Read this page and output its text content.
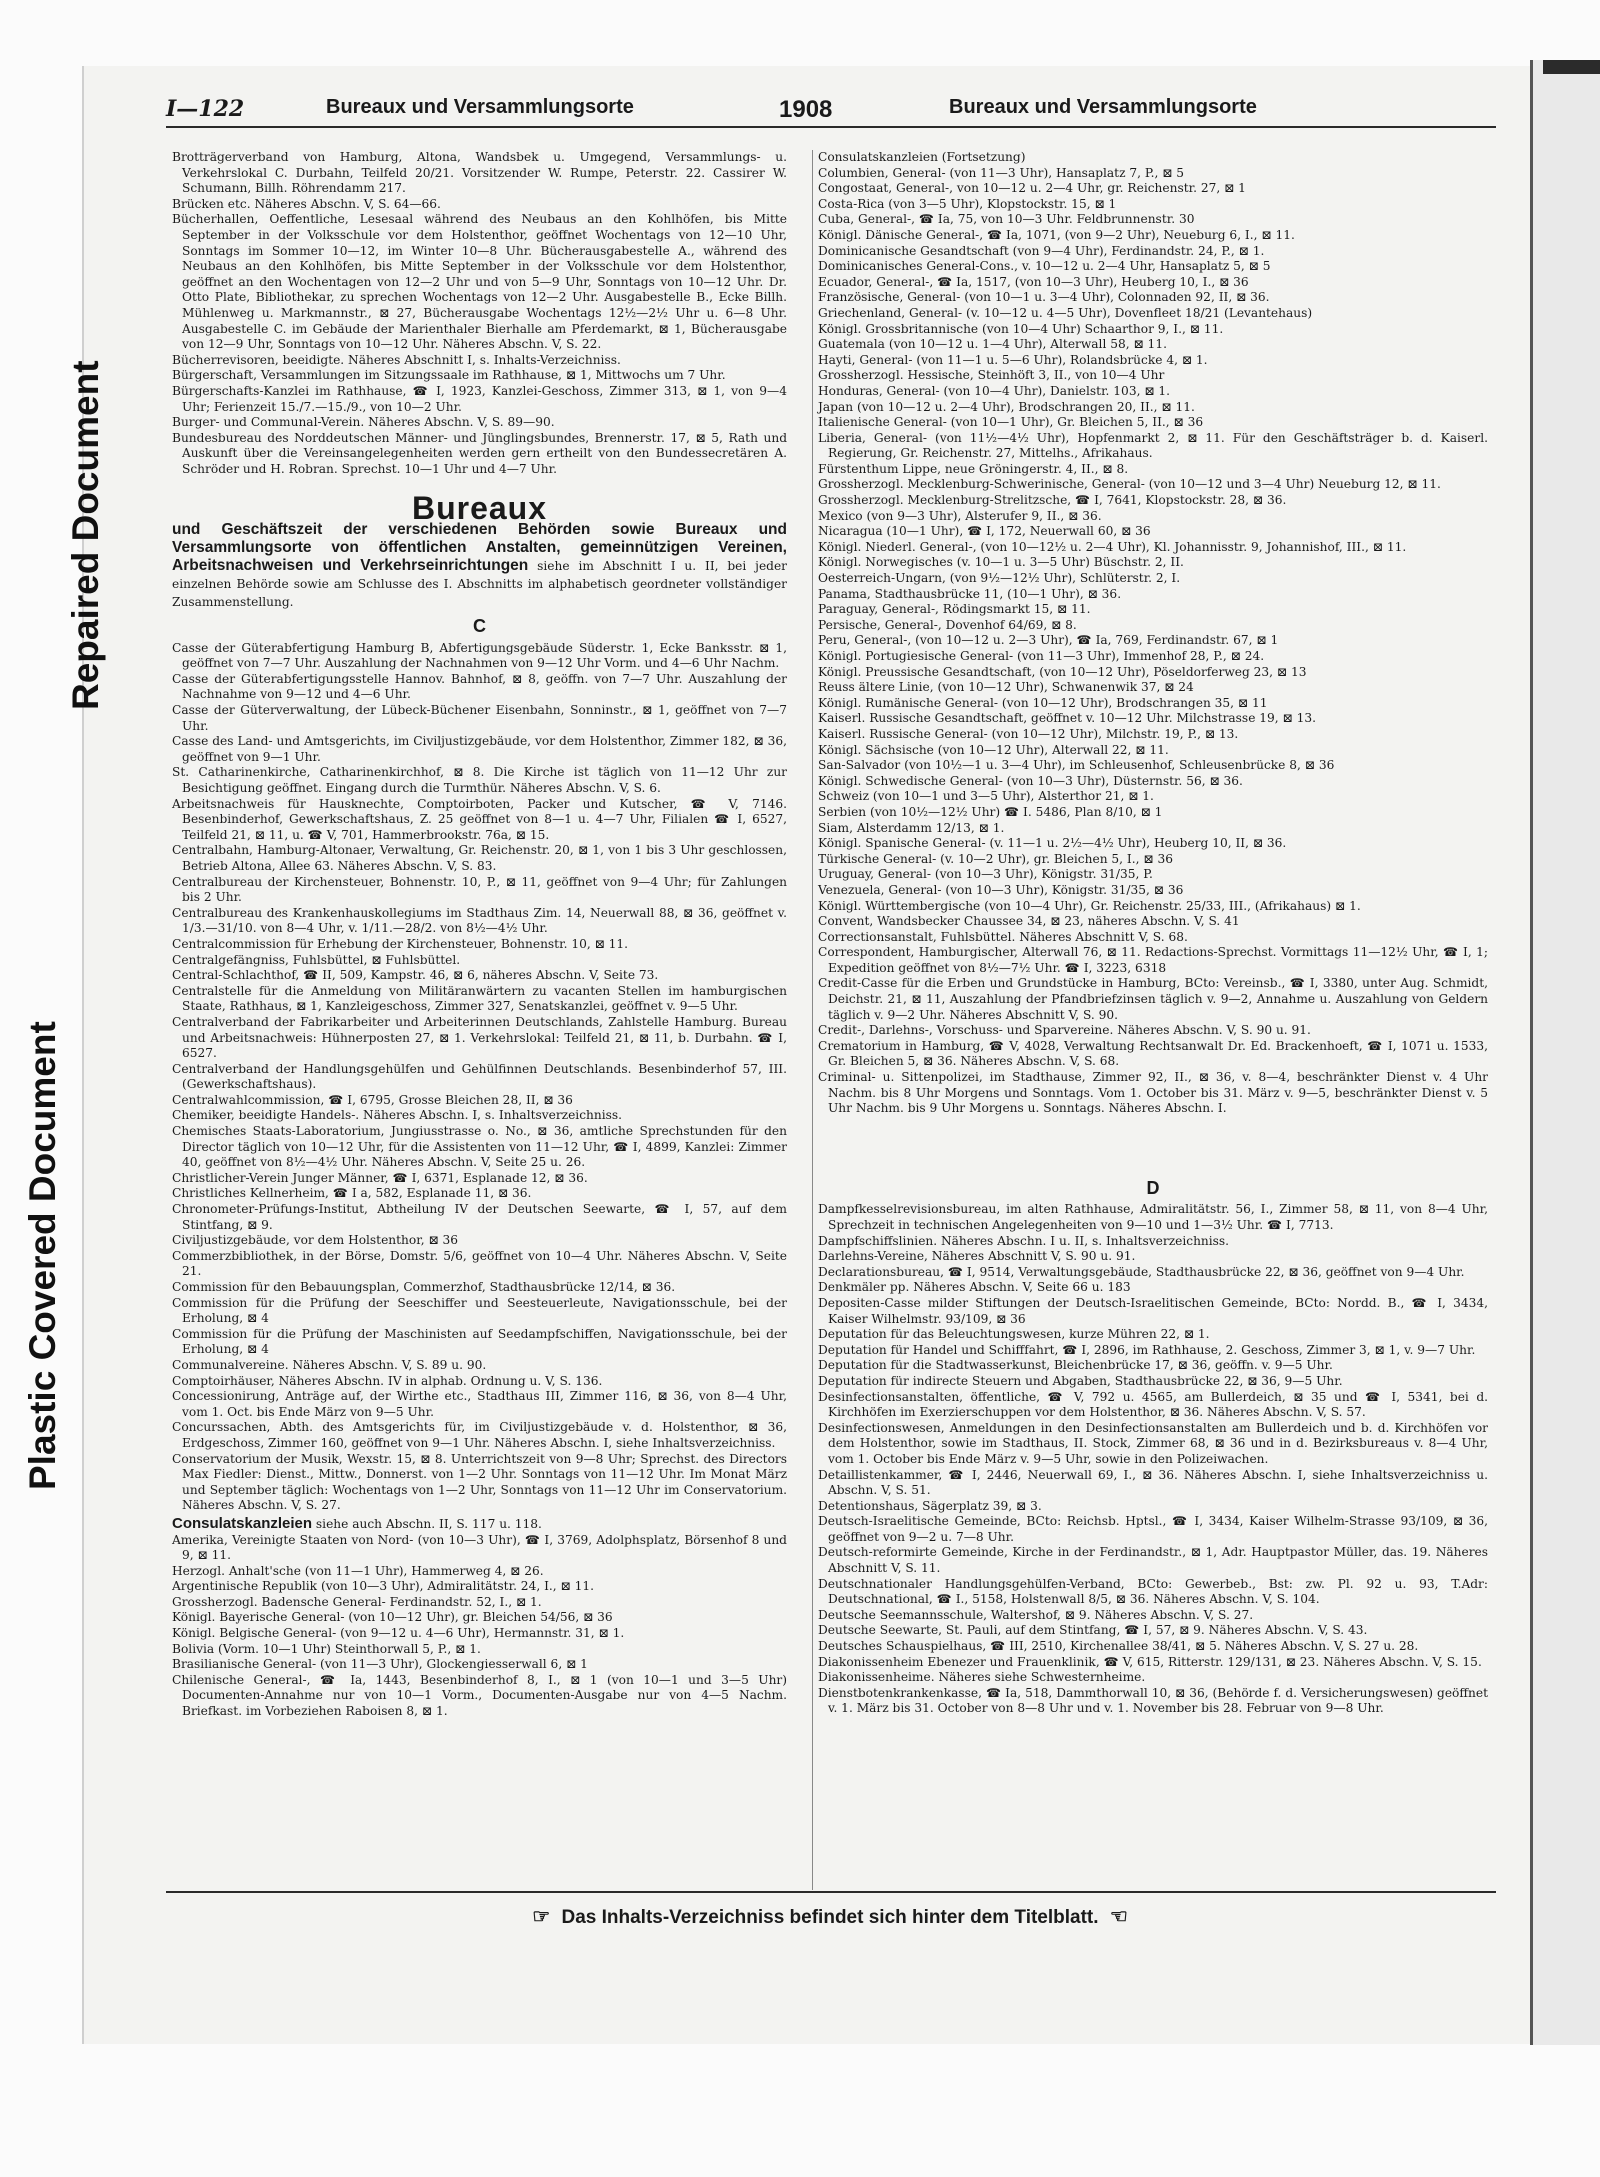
Plastic Covered Document
Repaired Document
I—122	Bureaux und Versammlungsorte	1908	Bureaux und Versammlungsorte

Brotträgerverband von Hamburg, Altona, Wandsbek u. Umgegend, Versammlungs- u. Verkehrslokal C. Durbahn, Teilfeld 20/21. Vorsitzender W. Rumpe, Peterstr. 22. Cassirer W. Schumann, Billh. Röhrendamm 217.

Brücken etc. Näheres Abschn. V, S. 64—66.

Bücherhallen, Oeffentliche, Lesesaal während des Neubaus an den Kohlhöfen, bis Mitte September in der Volksschule vor dem Holstenthor, geöffnet Wochentags von 12—10 Uhr, Sonntags im Sommer 10—12, im Winter 10—8 Uhr. Bücherausgabestelle A., während des Neubaus an den Kohlhöfen, bis Mitte September in der Volksschule vor dem Holstenthor, geöffnet an den Wochentagen von 12—2 Uhr und von 5—9 Uhr, Sonntags von 10—12 Uhr. Dr. Otto Plate, Bibliothekar, zu sprechen Wochentags von 12—2 Uhr. Ausgabestelle B., Ecke Billh. Mühlenweg u. Markmannstr., ⊠ 27, Bücherausgabe Wochentags 12½—2½ Uhr u. 6—8 Uhr. Ausgabestelle C. im Gebäude der Marienthaler Bierhalle am Pferdemarkt, ⊠ 1, Bücherausgabe von 12—9 Uhr, Sonntags von 10—12 Uhr. Näheres Abschn. V, S. 22.

Bücherrevisoren, beeidigte. Näheres Abschnitt I, s. Inhalts-Verzeichniss.

Bürgerschaft, Versammlungen im Sitzungssaale im Rathhause, ⊠ 1, Mittwochs um 7 Uhr.

Bürgerschafts-Kanzlei im Rathhause, ☎ I, 1923, Kanzlei-Geschoss, Zimmer 313, ⊠ 1, von 9—4 Uhr; Ferienzeit 15./7.—15./9., von 10—2 Uhr.

Burger- und Communal-Verein. Näheres Abschn. V, S. 89—90.

Bundesbureau des Norddeutschen Männer- und Jünglingsbundes, Brennerstr. 17, ⊠ 5, Rath und Auskunft über die Vereinsangelegenheiten werden gern ertheilt von den Bundessecretären A. Schröder und H. Robran. Sprechst. 10—1 Uhr und 4—7 Uhr.

Bureaux

und Geschäftszeit der verschiedenen Behörden sowie Bureaux und Versammlungsorte von öffentlichen Anstalten, gemeinnützigen Vereinen, Arbeitsnachweisen und Verkehrseinrichtungen siehe im Abschnitt I u. II, bei jeder einzelnen Behörde sowie am Schlusse des I. Abschnitts im alphabetisch geordneter vollständiger Zusammenstellung.

C

Casse der Güterabfertigung Hamburg B, Abfertigungsgebäude Süderstr. 1, Ecke Banksstr. ⊠ 1, geöffnet von 7—7 Uhr. Auszahlung der Nachnahmen von 9—12 Uhr Vorm. und 4—6 Uhr Nachm.

Casse der Güterabfertigungsstelle Hannov. Bahnhof, ⊠ 8, geöffn. von 7—7 Uhr. Auszahlung der Nachnahme von 9—12 und 4—6 Uhr.

Casse der Güterverwaltung, der Lübeck-Büchener Eisenbahn, Sonninstr., ⊠ 1, geöffnet von 7—7 Uhr.

Casse des Land- und Amtsgerichts, im Civiljustizgebäude, vor dem Holstenthor, Zimmer 182, ⊠ 36, geöffnet von 9—1 Uhr.

St. Catharinenkirche, Catharinenkirchhof, ⊠ 8. Die Kirche ist täglich von 11—12 Uhr zur Besichtigung geöffnet. Eingang durch die Turmthür. Näheres Abschn. V, S. 6.

Arbeitsnachweis für Hausknechte, Comptoirboten, Packer und Kutscher, ☎ V, 7146. Besenbinderhof, Gewerkschaftshaus, Z. 25 geöffnet von 8—1 u. 4—7 Uhr, Filialen ☎ I, 6527, Teilfeld 21, ⊠ 11, u. ☎ V, 701, Hammerbrookstr. 76a, ⊠ 15.

Centralbahn, Hamburg-Altonaer, Verwaltung, Gr. Reichenstr. 20, ⊠ 1, von 1 bis 3 Uhr geschlossen, Betrieb Altona, Allee 63. Näheres Abschn. V, S. 83.

Centralbureau der Kirchensteuer, Bohnenstr. 10, P., ⊠ 11, geöffnet von 9—4 Uhr; für Zahlungen bis 2 Uhr.

Centralbureau des Krankenhauskollegiums im Stadthaus Zim. 14, Neuerwall 88, ⊠ 36, geöffnet v. 1/3.—31/10. von 8—4 Uhr, v. 1/11.—28/2. von 8½—4½ Uhr.

Centralcommission für Erhebung der Kirchensteuer, Bohnenstr. 10, ⊠ 11.

Centralgefängniss, Fuhlsbüttel, ⊠ Fuhlsbüttel.

Central-Schlachthof, ☎ II, 509, Kampstr. 46, ⊠ 6, näheres Abschn. V, Seite 73.

Centralstelle für die Anmeldung von Militäranwärtern zu vacanten Stellen im hamburgischen Staate, Rathhaus, ⊠ 1, Kanzleigeschoss, Zimmer 327, Senatskanzlei, geöffnet v. 9—5 Uhr.

Centralverband der Fabrikarbeiter und Arbeiterinnen Deutschlands, Zahlstelle Hamburg. Bureau und Arbeitsnachweis: Hühnerposten 27, ⊠ 1. Verkehrslokal: Teilfeld 21, ⊠ 11, b. Durbahn. ☎ I, 6527.

Centralverband der Handlungsgehülfen und Gehülfinnen Deutschlands. Besenbinderhof 57, III. (Gewerkschaftshaus).

Centralwahlcommission, ☎ I, 6795, Grosse Bleichen 28, II, ⊠ 36

Chemiker, beeidigte Handels-. Näheres Abschn. I, s. Inhaltsverzeichniss.

Chemisches Staats-Laboratorium, Jungiusstrasse o. No., ⊠ 36, amtliche Sprechstunden für den Director täglich von 10—12 Uhr, für die Assistenten von 11—12 Uhr, ☎ I, 4899, Kanzlei: Zimmer 40, geöffnet von 8½—4½ Uhr. Näheres Abschn. V, Seite 25 u. 26.

Christlicher-Verein Junger Männer, ☎ I, 6371, Esplanade 12, ⊠ 36.

Christliches Kellnerheim, ☎ I a, 582, Esplanade 11, ⊠ 36.

Chronometer-Prüfungs-Institut, Abtheilung IV der Deutschen Seewarte, ☎ I, 57, auf dem Stintfang, ⊠ 9.

Civiljustizgebäude, vor dem Holstenthor, ⊠ 36

Commerzbibliothek, in der Börse, Domstr. 5/6, geöffnet von 10—4 Uhr. Näheres Abschn. V, Seite 21.

Commission für den Bebauungsplan, Commerzhof, Stadthausbrücke 12/14, ⊠ 36.

Commission für die Prüfung der Seeschiffer und Seesteuerleute, Navigationsschule, bei der Erholung, ⊠ 4

Commission für die Prüfung der Maschinisten auf Seedampfschiffen, Navigationsschule, bei der Erholung, ⊠ 4

Communalvereine. Näheres Abschn. V, S. 89 u. 90.

Comptoirhäuser, Näheres Abschn. IV in alphab. Ordnung u. V, S. 136.

Concessionirung, Anträge auf, der Wirthe etc., Stadthaus III, Zimmer 116, ⊠ 36, von 8—4 Uhr, vom 1. Oct. bis Ende März von 9—5 Uhr.

Concurssachen, Abth. des Amtsgerichts für, im Civiljustizgebäude v. d. Holstenthor, ⊠ 36, Erdgeschoss, Zimmer 160, geöffnet von 9—1 Uhr. Näheres Abschn. I, siehe Inhaltsverzeichniss.

Conservatorium der Musik, Wexstr. 15, ⊠ 8. Unterrichtszeit von 9—8 Uhr; Sprechst. des Directors Max Fiedler: Dienst., Mittw., Donnerst. von 1—2 Uhr. Sonntags von 11—12 Uhr. Im Monat März und September täglich: Wochentags von 1—2 Uhr, Sonntags von 11—12 Uhr im Conservatorium. Näheres Abschn. V, S. 27.

Consulatskanzleien siehe auch Abschn. II, S. 117 u. 118.

Amerika, Vereinigte Staaten von Nord- (von 10—3 Uhr), ☎ I, 3769, Adolphsplatz, Börsenhof 8 und 9, ⊠ 11.

Herzogl. Anhalt'sche (von 11—1 Uhr), Hammerweg 4, ⊠ 26.

Argentinische Republik (von 10—3 Uhr), Admiralitätstr. 24, I., ⊠ 11.

Grossherzogl. Badensche General- Ferdinandstr. 52, I., ⊠ 1.

Königl. Bayerische General- (von 10—12 Uhr), gr. Bleichen 54/56, ⊠ 36

Königl. Belgische General- (von 9—12 u. 4—6 Uhr), Hermannstr. 31, ⊠ 1.

Bolivia (Vorm. 10—1 Uhr) Steinthorwall 5, P., ⊠ 1.

Brasilianische General- (von 11—3 Uhr), Glockengiesserwall 6, ⊠ 1

Chilenische General-, ☎ Ia, 1443, Besenbinderhof 8, I., ⊠ 1 (von 10—1 und 3—5 Uhr) Documenten-Annahme nur von 10—1 Vorm., Documenten-Ausgabe nur von 4—5 Nachm. Briefkast. im Vorbeziehen Raboisen 8, ⊠ 1.

Consulatskanzleien (Fortsetzung)

Columbien, General- (von 11—3 Uhr), Hansaplatz 7, P., ⊠ 5

Congostaat, General-, von 10—12 u. 2—4 Uhr, gr. Reichenstr. 27, ⊠ 1

Costa-Rica (von 3—5 Uhr), Klopstockstr. 15, ⊠ 1

Cuba, General-, ☎ Ia, 75, von 10—3 Uhr. Feldbrunnenstr. 30

Königl. Dänische General-, ☎ Ia, 1071, (von 9—2 Uhr), Neueburg 6, I., ⊠ 11.

Dominicanische Gesandtschaft (von 9—4 Uhr), Ferdinandstr. 24, P., ⊠ 1.

Dominicanisches General-Cons., v. 10—12 u. 2—4 Uhr, Hansaplatz 5, ⊠ 5

Ecuador, General-, ☎ Ia, 1517, (von 10—3 Uhr), Heuberg 10, I., ⊠ 36

Französische, General- (von 10—1 u. 3—4 Uhr), Colonnaden 92, II, ⊠ 36.

Griechenland, General- (v. 10—12 u. 4—5 Uhr), Dovenfleet 18/21 (Levantehaus)

Königl. Grossbritannische (von 10—4 Uhr) Schaarthor 9, I., ⊠ 11.

Guatemala (von 10—12 u. 1—4 Uhr), Alterwall 58, ⊠ 11.

Hayti, General- (von 11—1 u. 5—6 Uhr), Rolandsbrücke 4, ⊠ 1.

Grossherzogl. Hessische, Steinhöft 3, II., von 10—4 Uhr

Honduras, General- (von 10—4 Uhr), Danielstr. 103, ⊠ 1.

Japan (von 10—12 u. 2—4 Uhr), Brodschrangen 20, II., ⊠ 11.

Italienische General- (von 10—1 Uhr), Gr. Bleichen 5, II., ⊠ 36

Liberia, General- (von 11½—4½ Uhr), Hopfenmarkt 2, ⊠ 11. Für den Geschäftsträger b. d. Kaiserl. Regierung, Gr. Reichenstr. 27, Mittelhs., Afrikahaus.

Fürstenthum Lippe, neue Gröningerstr. 4, II., ⊠ 8.

Grossherzogl. Mecklenburg-Schwerinische, General- (von 10—12 und 3—4 Uhr) Neueburg 12, ⊠ 11.

Grossherzogl. Mecklenburg-Strelitzsche, ☎ I, 7641, Klopstockstr. 28, ⊠ 36.

Mexico (von 9—3 Uhr), Alsterufer 9, II., ⊠ 36.

Nicaragua (10—1 Uhr), ☎ I, 172, Neuerwall 60, ⊠ 36

Königl. Niederl. General-, (von 10—12½ u. 2—4 Uhr), Kl. Johannisstr. 9, Johannishof, III., ⊠ 11.

Königl. Norwegisches (v. 10—1 u. 3—5 Uhr) Büschstr. 2, II.

Oesterreich-Ungarn, (von 9½—12½ Uhr), Schlüterstr. 2, I.

Panama, Stadthausbrücke 11, (10—1 Uhr), ⊠ 36.

Paraguay, General-, Rödingsmarkt 15, ⊠ 11.

Persische, General-, Dovenhof 64/69, ⊠ 8.

Peru, General-, (von 10—12 u. 2—3 Uhr), ☎ Ia, 769, Ferdinandstr. 67, ⊠ 1

Königl. Portugiesische General- (von 11—3 Uhr), Immenhof 28, P., ⊠ 24.

Königl. Preussische Gesandtschaft, (von 10—12 Uhr), Pöseldorferweg 23, ⊠ 13

Reuss ältere Linie, (von 10—12 Uhr), Schwanenwik 37, ⊠ 24

Königl. Rumänische General- (von 10—12 Uhr), Brodschrangen 35, ⊠ 11

Kaiserl. Russische Gesandtschaft, geöffnet v. 10—12 Uhr. Milchstrasse 19, ⊠ 13.

Kaiserl. Russische General- (von 10—12 Uhr), Milchstr. 19, P., ⊠ 13.

Königl. Sächsische (von 10—12 Uhr), Alterwall 22, ⊠ 11.

San-Salvador (von 10½—1 u. 3—4 Uhr), im Schleusenhof, Schleusenbrücke 8, ⊠ 36

Königl. Schwedische General- (von 10—3 Uhr), Düsternstr. 56, ⊠ 36.

Schweiz (von 10—1 und 3—5 Uhr), Alsterthor 21, ⊠ 1.

Serbien (von 10½—12½ Uhr) ☎ I. 5486, Plan 8/10, ⊠ 1

Siam, Alsterdamm 12/13, ⊠ 1.

Königl. Spanische General- (v. 11—1 u. 2½—4½ Uhr), Heuberg 10, II, ⊠ 36.

Türkische General- (v. 10—2 Uhr), gr. Bleichen 5, I., ⊠ 36

Uruguay, General- (von 10—3 Uhr), Königstr. 31/35, P.

Venezuela, General- (von 10—3 Uhr), Königstr. 31/35, ⊠ 36

Königl. Württembergische (von 10—4 Uhr), Gr. Reichenstr. 25/33, III., (Afrikahaus) ⊠ 1.

Convent, Wandsbecker Chaussee 34, ⊠ 23, näheres Abschn. V, S. 41

Correctionsanstalt, Fuhlsbüttel. Näheres Abschnitt V, S. 68.

Correspondent, Hamburgischer, Alterwall 76, ⊠ 11. Redactions-Sprechst. Vormittags 11—12½ Uhr, ☎ I, 1; Expedition geöffnet von 8½—7½ Uhr. ☎ I, 3223, 6318

Credit-Casse für die Erben und Grundstücke in Hamburg, BCto: Vereinsb., ☎ I, 3380, unter Aug. Schmidt, Deichstr. 21, ⊠ 11, Auszahlung der Pfandbriefzinsen täglich v. 9—2, Annahme u. Auszahlung von Geldern täglich v. 9—2 Uhr. Näheres Abschnitt V, S. 90.

Credit-, Darlehns-, Vorschuss- und Sparvereine. Näheres Abschn. V, S. 90 u. 91.

Crematorium in Hamburg, ☎ V, 4028, Verwaltung Rechtsanwalt Dr. Ed. Brackenhoeft, ☎ I, 1071 u. 1533, Gr. Bleichen 5, ⊠ 36. Näheres Abschn. V, S. 68.

Criminal- u. Sittenpolizei, im Stadthause, Zimmer 92, II., ⊠ 36, v. 8—4, beschränkter Dienst v. 4 Uhr Nachm. bis 8 Uhr Morgens und Sonntags. Vom 1. October bis 31. März v. 9—5, beschränkter Dienst v. 5 Uhr Nachm. bis 9 Uhr Morgens u. Sonntags. Näheres Abschn. I.

D

Dampfkesselrevisionsbureau, im alten Rathhause, Admiralitätstr. 56, I., Zimmer 58, ⊠ 11, von 8—4 Uhr, Sprechzeit in technischen Angelegenheiten von 9—10 und 1—3½ Uhr. ☎ I, 7713.

Dampfschiffslinien. Näheres Abschn. I u. II, s. Inhaltsverzeichniss.

Darlehns-Vereine, Näheres Abschnitt V, S. 90 u. 91.

Declarationsbureau, ☎ I, 9514, Verwaltungsgebäude, Stadthausbrücke 22, ⊠ 36, geöffnet von 9—4 Uhr.

Denkmäler pp. Näheres Abschn. V, Seite 66 u. 183

Depositen-Casse milder Stiftungen der Deutsch-Israelitischen Gemeinde, BCto: Nordd. B., ☎ I, 3434, Kaiser Wilhelmstr. 93/109, ⊠ 36

Deputation für das Beleuchtungswesen, kurze Mühren 22, ⊠ 1.

Deputation für Handel und Schifffahrt, ☎ I, 2896, im Rathhause, 2. Geschoss, Zimmer 3, ⊠ 1, v. 9—7 Uhr.

Deputation für die Stadtwasserkunst, Bleichenbrücke 17, ⊠ 36, geöffn. v. 9—5 Uhr.

Deputation für indirecte Steuern und Abgaben, Stadthausbrücke 22, ⊠ 36, 9—5 Uhr.

Desinfectionsanstalten, öffentliche, ☎ V, 792 u. 4565, am Bullerdeich, ⊠ 35 und ☎ I, 5341, bei d. Kirchhöfen im Exerzierschuppen vor dem Holstenthor, ⊠ 36. Näheres Abschn. V, S. 57.

Desinfectionswesen, Anmeldungen in den Desinfectionsanstalten am Bullerdeich und b. d. Kirchhöfen vor dem Holstenthor, sowie im Stadthaus, II. Stock, Zimmer 68, ⊠ 36 und in d. Bezirksbureaus v. 8—4 Uhr, vom 1. October bis Ende März v. 9—5 Uhr, sowie in den Polizeiwachen.

Detaillistenkammer, ☎ I, 2446, Neuerwall 69, I., ⊠ 36. Näheres Abschn. I, siehe Inhaltsverzeichniss u. Abschn. V, S. 51.

Detentionshaus, Sägerplatz 39, ⊠ 3.

Deutsch-Israelitische Gemeinde, BCto: Reichsb. Hptsl., ☎ I, 3434, Kaiser Wilhelm-Strasse 93/109, ⊠ 36, geöffnet von 9—2 u. 7—8 Uhr.

Deutsch-reformirte Gemeinde, Kirche in der Ferdinandstr., ⊠ 1, Adr. Hauptpastor Müller, das. 19. Näheres Abschnitt V, S. 11.

Deutschnationaler Handlungsgehülfen-Verband, BCto: Gewerbeb., Bst: zw. Pl. 92 u. 93, T.Adr: Deutschnational, ☎ I., 5158, Holstenwall 8/5, ⊠ 36. Näheres Abschn. V, S. 104.

Deutsche Seemannsschule, Waltershof, ⊠ 9. Näheres Abschn. V, S. 27.

Deutsche Seewarte, St. Pauli, auf dem Stintfang, ☎ I, 57, ⊠ 9. Näheres Abschn. V, S. 43.

Deutsches Schauspielhaus, ☎ III, 2510, Kirchenallee 38/41, ⊠ 5. Näheres Abschn. V, S. 27 u. 28.

Diakonissenheim Ebenezer und Frauenklinik, ☎ V, 615, Ritterstr. 129/131, ⊠ 23. Näheres Abschn. V, S. 15.

Diakonissenheime. Näheres siehe Schwesternheime.

Dienstbotenkrankenkasse, ☎ Ia, 518, Dammthorwall 10, ⊠ 36, (Behörde f. d. Versicherungswesen) geöffnet v. 1. März bis 31. October von 8—8 Uhr und v. 1. November bis 28. Februar von 9—8 Uhr.

☞ Das Inhalts-Verzeichniss befindet sich hinter dem Titelblatt. ☜
